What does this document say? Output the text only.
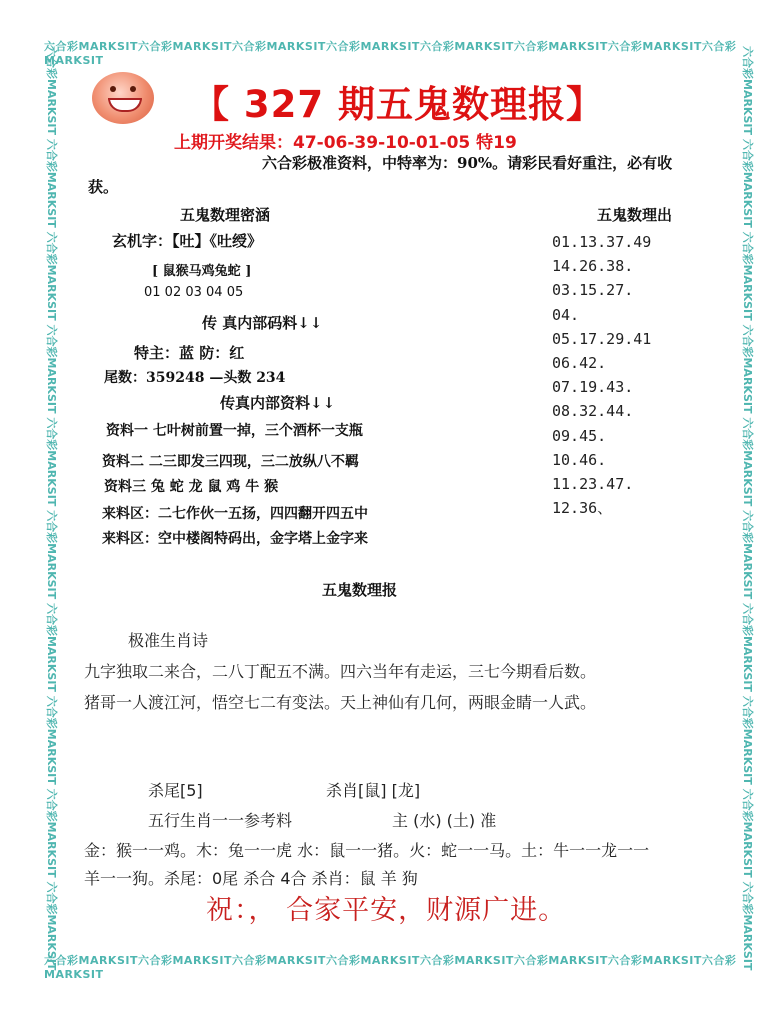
六合彩MARKSIT六合彩MARKSIT六合彩MARKSIT六合彩MARKSIT六合彩MARKSIT六合彩MARKSIT六合彩MARKSIT六合彩MARKSIT
六合彩MARKSIT六合彩MARKSIT六合彩MARKSIT六合彩MARKSIT六合彩MARKSIT六合彩MARKSIT六合彩MARKSIT六合彩MARKSIT
六合彩MARKSIT 六合彩MARKSIT 六合彩MARKSIT 六合彩MARKSIT 六合彩MARKSIT 六合彩MARKSIT 六合彩MARKSIT 六合彩MARKSIT 六合彩MARKSIT 六合彩MARKSIT
六合彩MARKSIT 六合彩MARKSIT 六合彩MARKSIT 六合彩MARKSIT 六合彩MARKSIT 六合彩MARKSIT 六合彩MARKSIT 六合彩MARKSIT 六合彩MARKSIT 六合彩MARKSIT
【 327 期五鬼数理报】
上期开奖结果：47-06-39-10-01-05 特19
六合彩极准资料，中特率为：90%。请彩民看好重注，必有收
获。
五鬼数理密涵
玄机字：【吐】《吐绶》
[ 鼠猴马鸡兔蛇 ]
01 02 03 04 05
传 真内部码料↓↓
特主：蓝 防：红
尾数：359248 —头数 234
传真内部资料↓↓
资料一 七叶树前置一掉，三个酒杯一支瓶
资料二 二三即发三四现，三二放纵八不羁
资料三 兔 蛇 龙 鼠 鸡 牛 猴
来料区：二七作伙一五扬，四四翻开四五中
来料区：空中楼阁特码出，金字塔上金字来
五鬼数理出
01.13.37.49
14.26.38.
03.15.27.
04.
05.17.29.41
06.42.
07.19.43.
08.32.44.
09.45.
10.46.
11.23.47.
12.36、
五鬼数理报
极准生肖诗
九字独取二来合，二八丁配五不满。四六当年有走运，三七今期看后数。
猪哥一人渡江河，悟空七二有变法。天上神仙有几何，两眼金睛一人武。
杀尾[5]	杀肖[鼠] [龙]
五行生肖一一参考料	主 (水) (土) 准
金：猴一一鸡。木：兔一一虎 水：鼠一一猪。火：蛇一一马。土：牛一一龙一一
羊一一狗。杀尾：0尾 杀合 4合 杀肖：鼠 羊 狗
祝：， 合家平安，财源广进。
